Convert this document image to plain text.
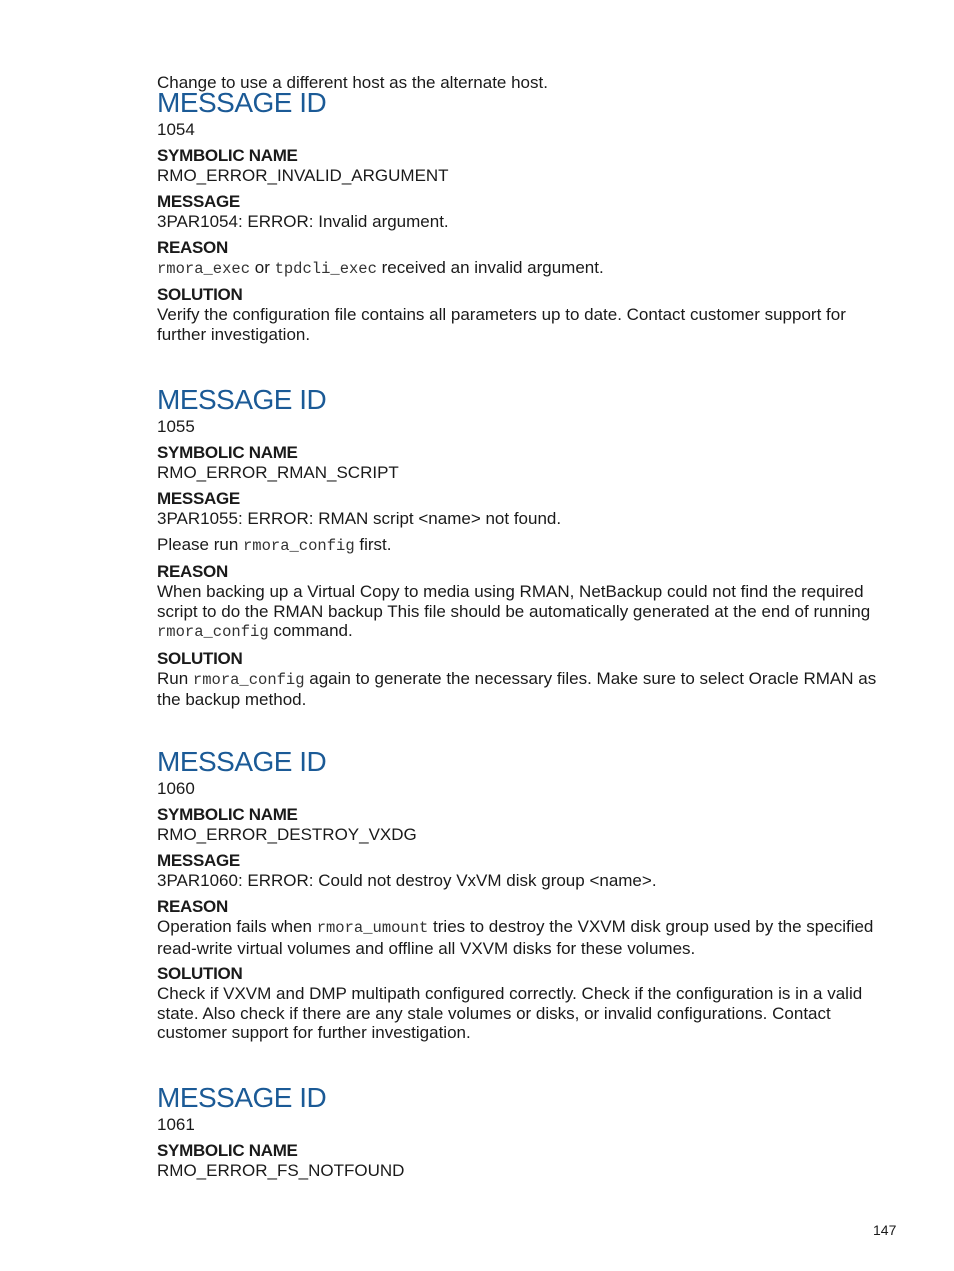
Change to use a different host as the alternate host.

MESSAGE ID

1054

SYMBOLIC NAME

RMO_ERROR_INVALID_ARGUMENT

MESSAGE

3PAR1054: ERROR: Invalid argument.

REASON

rmora_exec or tpdcli_exec received an invalid argument.

SOLUTION

Verify the configuration file contains all parameters up to date. Contact customer support for further investigation.

MESSAGE ID

1055

SYMBOLIC NAME

RMO_ERROR_RMAN_SCRIPT

MESSAGE

3PAR1055: ERROR: RMAN script <name> not found.

Please run rmora_config first.

REASON

When backing up a Virtual Copy to media using RMAN, NetBackup could not find the required script to do the RMAN backup This file should be automatically generated at the end of running rmora_config command.

SOLUTION

Run rmora_config again to generate the necessary files. Make sure to select Oracle RMAN as the backup method.

MESSAGE ID

1060

SYMBOLIC NAME

RMO_ERROR_DESTROY_VXDG

MESSAGE

3PAR1060: ERROR: Could not destroy VxVM disk group <name>.

REASON

Operation fails when rmora_umount tries to destroy the VXVM disk group used by the specified read-write virtual volumes and offline all VXVM disks for these volumes.

SOLUTION

Check if VXVM and DMP multipath configured correctly. Check if the configuration is in a valid state. Also check if there are any stale volumes or disks, or invalid configurations. Contact customer support for further investigation.

MESSAGE ID

1061

SYMBOLIC NAME

RMO_ERROR_FS_NOTFOUND

147
